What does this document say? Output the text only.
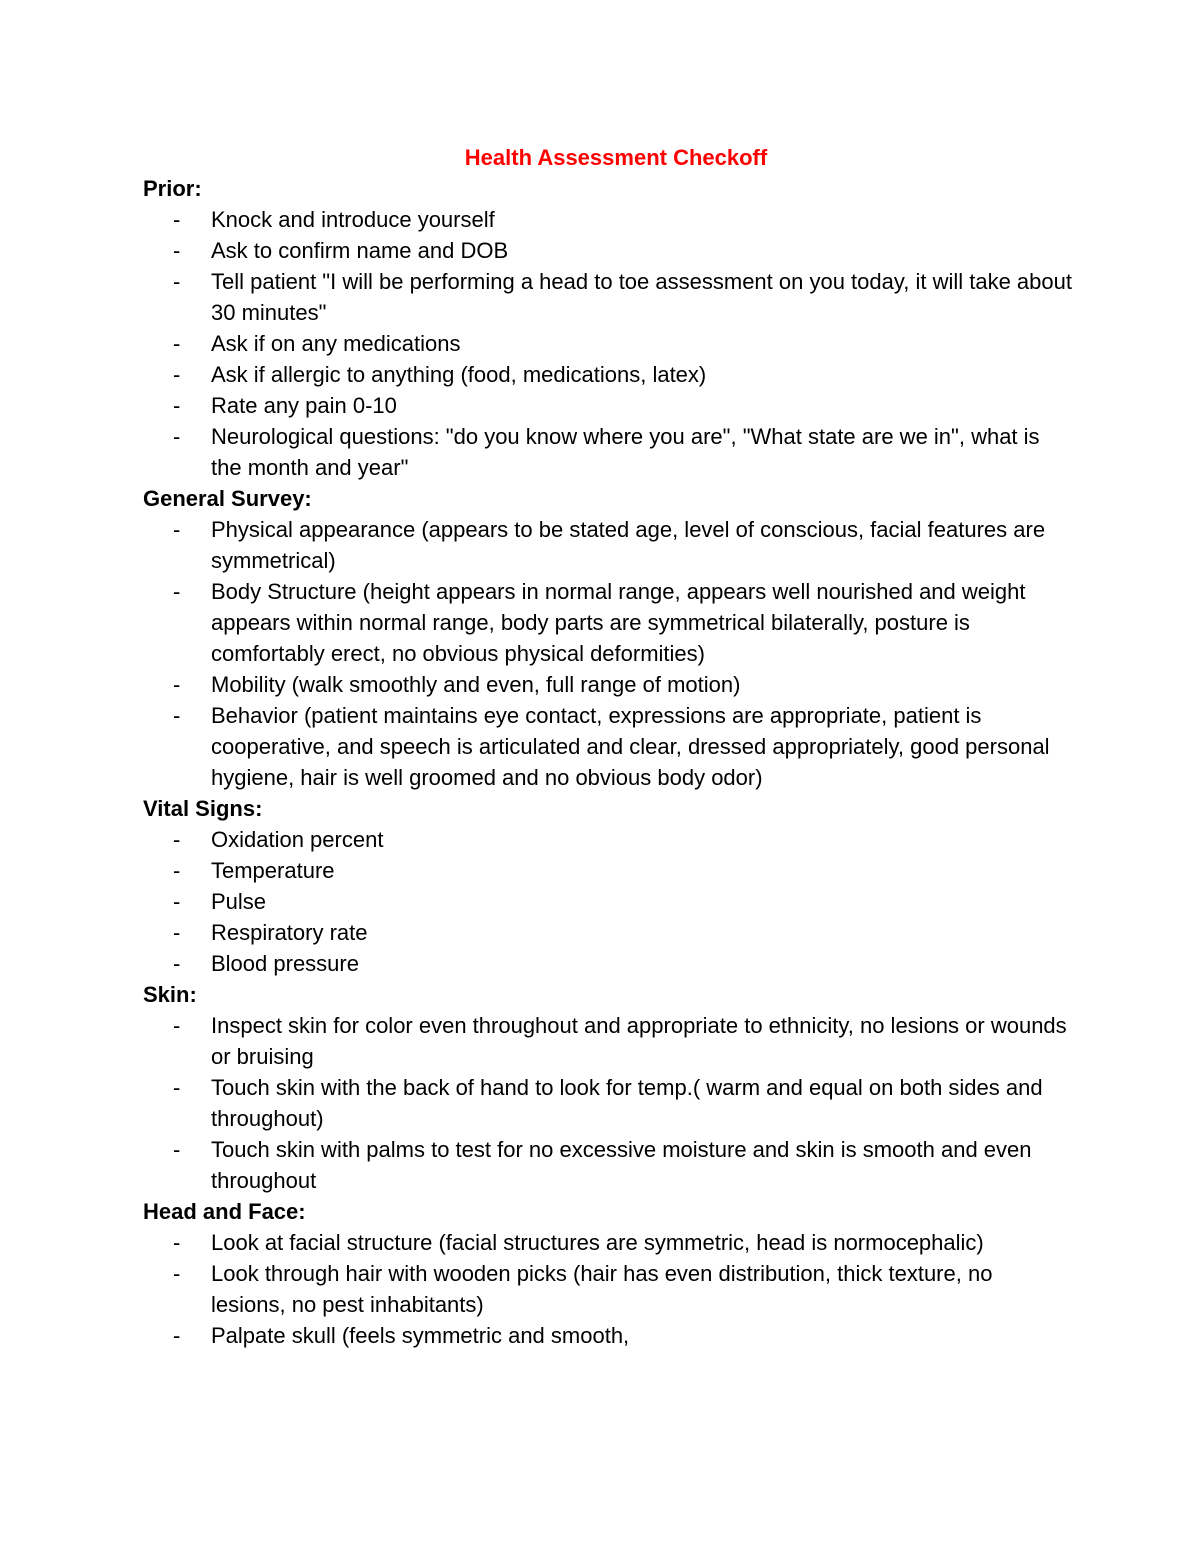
Health Assessment Checkoff
Prior:
- Knock and introduce yourself
- Ask to confirm name and DOB
- Tell patient "I will be performing a head to toe assessment on you today, it will take about 30 minutes"
- Ask if on any medications
- Ask if allergic to anything (food, medications, latex)
- Rate any pain 0-10
- Neurological questions: "do you know where you are", "What state are we in", what is the month and year"
General Survey:
- Physical appearance (appears to be stated age, level of conscious, facial features are symmetrical)
- Body Structure (height appears in normal range, appears well nourished and weight appears within normal range, body parts are symmetrical bilaterally, posture is comfortably erect, no obvious physical deformities)
- Mobility (walk smoothly and even, full range of motion)
- Behavior (patient maintains eye contact, expressions are appropriate, patient is cooperative, and speech is articulated and clear, dressed appropriately, good personal hygiene, hair is well groomed and no obvious body odor)
Vital Signs:
- Oxidation percent
- Temperature
- Pulse
- Respiratory rate
- Blood pressure
Skin:
- Inspect skin for color even throughout and appropriate to ethnicity, no lesions or wounds or bruising
- Touch skin with the back of hand to look for temp.( warm and equal on both sides and throughout)
- Touch skin with palms to test for no excessive moisture and skin is smooth and even throughout
Head and Face:
- Look at facial structure (facial structures are symmetric, head is normocephalic)
- Look through hair with wooden picks (hair has even distribution, thick texture, no lesions, no pest inhabitants)
- Palpate skull (feels symmetric and smooth,
